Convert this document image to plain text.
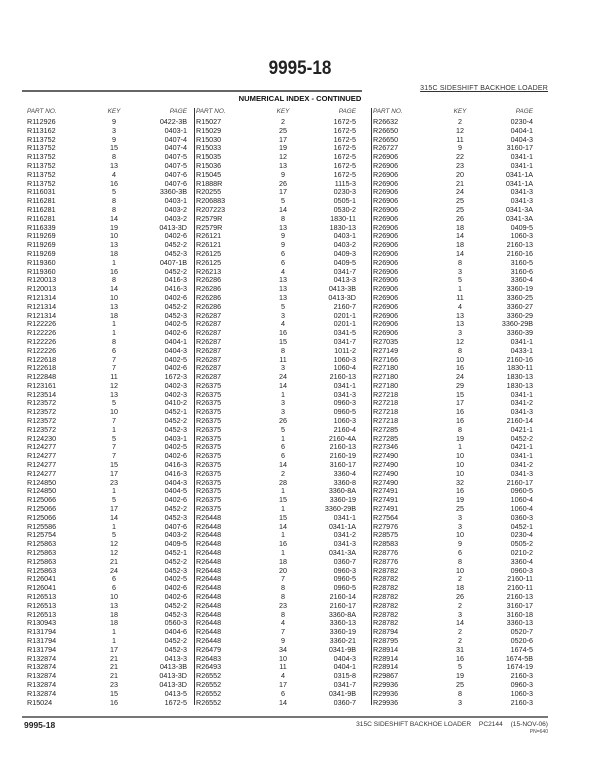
9995-18
315C SIDESHIFT BACKHOE LOADER
NUMERICAL INDEX - CONTINUED
PART NO.	KEY	PAGE
R112926	9	0422-3B
R113162	3	0403-1
R113752	9	0407-4
R113752	15	0407-4
R113752	8	0407-5
R113752	13	0407-5
R113752	4	0407-6
R113752	16	0407-6
R116031	5	3360-3B
R116281	8	0403-1
R116281	8	0403-2
R116281	14	0403-2
R116339	19	0413-3D
R119269	10	0402-6
R119269	13	0452-2
R119269	18	0452-3
R119360	1	0407-1B
R119360	16	0452-2
R120013	8	0416-3
R120013	14	0416-3
R121314	10	0402-6
R121314	13	0452-2
R121314	18	0452-3
R122226	1	0402-5
R122226	1	0402-6
R122226	8	0404-1
R122226	6	0404-3
R122618	7	0402-5
R122618	7	0402-6
R122848	11	1672-3
R123161	12	0402-3
R123514	13	0402-3
R123572	5	0410-2
R123572	10	0452-1
R123572	7	0452-2
R123572	1	0452-3
R124230	5	0403-1
R124277	7	0402-5
R124277	7	0402-6
R124277	15	0416-3
R124277	17	0416-3
R124850	23	0404-3
R124850	1	0404-5
R125066	5	0402-6
R125066	17	0452-2
R125066	14	0452-3
R125586	1	0407-6
R125754	5	0403-2
R125863	12	0409-5
R125863	12	0452-1
R125863	21	0452-2
R125863	24	0452-3
R126041	6	0402-5
R126041	6	0402-6
R126513	10	0402-6
R126513	13	0452-2
R126513	18	0452-3
R130943	18	0560-3
R131794	1	0404-6
R131794	1	0452-2
R131794	17	0452-3
R132874	21	0413-3
R132874	21	0413-3B
R132874	21	0413-3D
R132874	23	0413-3D
R132874	15	0413-5
R15024	16	1672-5
PART NO.	KEY	PAGE
R15027	2	1672-5
R15029	25	1672-5
R15030	17	1672-5
R15033	19	1672-5
R15035	12	1672-5
R15036	13	1672-5
R15045	9	1672-5
R1888R	26	1115-3
R20255	17	0230-3
R206883	5	0505-1
R207223	14	0530-2
R2579R	8	1830-11
R2579R	13	1830-13
R26121	9	0403-1
R26121	9	0403-2
R26125	6	0409-3
R26125	6	0409-5
R26213	4	0341-7
R26286	13	0413-3
R26286	13	0413-3B
R26286	13	0413-3D
R26286	5	2160-7
R26287	3	0201-1
R26287	4	0201-1
R26287	16	0341-5
R26287	15	0341-7
R26287	8	1011-2
R26287	11	1060-3
R26287	3	1060-4
R26287	24	2160-13
R26375	14	0341-1
R26375	1	0341-3
R26375	3	0960-3
R26375	3	0960-5
R26375	26	1060-3
R26375	5	2160-4
R26375	1	2160-4A
R26375	6	2160-13
R26375	6	2160-19
R26375	14	3160-17
R26375	2	3360-4
R26375	28	3360-8
R26375	1	3360-8A
R26375	15	3360-19
R26375	1	3360-29B
R26448	15	0341-1
R26448	14	0341-1A
R26448	1	0341-2
R26448	16	0341-3
R26448	1	0341-3A
R26448	18	0360-7
R26448	20	0960-3
R26448	7	0960-5
R26448	8	0960-5
R26448	8	2160-14
R26448	23	2160-17
R26448	8	3360-8A
R26448	4	3360-13
R26448	7	3360-19
R26448	9	3360-21
R26479	34	0341-9B
R26483	10	0404-3
R26493	11	0404-1
R26552	4	0315-8
R26552	17	0341-7
R26552	6	0341-9B
R26552	14	0360-7
PART NO.	KEY	PAGE
R26632	2	0230-4
R26650	12	0404-1
R26650	11	0404-3
R26727	9	3160-17
R26906	22	0341-1
R26906	23	0341-1
R26906	20	0341-1A
R26906	21	0341-1A
R26906	24	0341-3
R26906	25	0341-3
R26906	25	0341-3A
R26906	26	0341-3A
R26906	18	0409-5
R26906	14	1060-3
R26906	18	2160-13
R26906	14	2160-16
R26906	8	3160-5
R26906	3	3160-6
R26906	5	3360-4
R26906	1	3360-19
R26906	11	3360-25
R26906	4	3360-27
R26906	13	3360-29
R26906	13	3360-29B
R26906	3	3360-39
R27035	12	0341-1
R27149	8	0433-1
R27166	10	2160-16
R27180	16	1830-11
R27180	24	1830-13
R27180	29	1830-13
R27218	15	0341-1
R27218	17	0341-2
R27218	16	0341-3
R27218	16	2160-14
R27285	8	0421-1
R27285	19	0452-2
R27346	1	0421-1
R27490	10	0341-1
R27490	10	0341-2
R27490	10	0341-3
R27490	32	2160-17
R27491	16	0960-5
R27491	19	1060-4
R27491	25	1060-4
R27564	3	0360-3
R27976	3	0452-1
R28575	10	0230-4
R28583	9	0505-2
R28776	6	0210-2
R28776	8	3360-4
R28782	10	0960-3
R28782	2	2160-11
R28782	18	2160-11
R28782	26	2160-13
R28782	2	3160-17
R28782	3	3160-18
R28782	14	3360-13
R28794	2	0520-7
R28795	2	0520-6
R28914	31	1674-5
R28914	16	1674-5B
R28914	5	1674-19
R29867	19	2160-3
R29936	25	0960-3
R29936	8	1060-3
R29936	3	2160-3
9995-18	315C SIDESHIFT BACKHOE LOADER PC2144 (15-NOV-06)
PN=640
